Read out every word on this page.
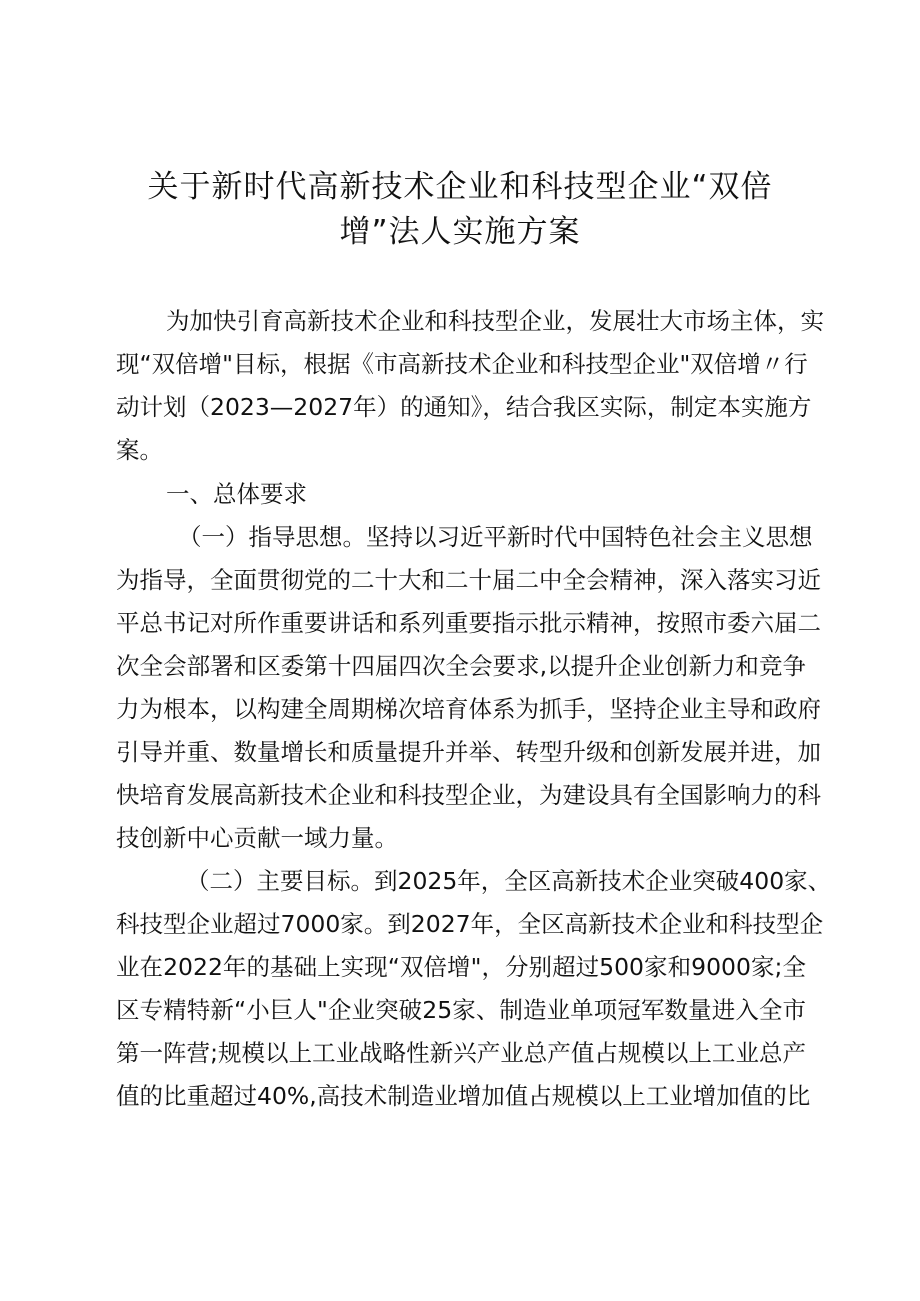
关于新时代高新技术企业和科技型企业“双倍
增”法人实施方案
为加快引育高新技术企业和科技型企业，发展壮大市场主体，实
现“双倍增"目标，根据《市高新技术企业和科技型企业"双倍增〃行
动计划（2023—2027年）的通知》，结合我区实际，制定本实施方
案。
一、总体要求
（一）指导思想。坚持以习近平新时代中国特色社会主义思想
为指导，全面贯彻党的二十大和二十届二中全会精神，深入落实习近
平总书记对所作重要讲话和系列重要指示批示精神，按照市委六届二
次全会部署和区委第十四届四次全会要求,以提升企业创新力和竞争
力为根本，以构建全周期梯次培育体系为抓手，坚持企业主导和政府
引导并重、数量增长和质量提升并举、转型升级和创新发展并进，加
快培育发展高新技术企业和科技型企业，为建设具有全国影响力的科
技创新中心贡献一域力量。
（二）主要目标。到2025年，全区高新技术企业突破400家、
科技型企业超过7000家。到2027年，全区高新技术企业和科技型企
业在2022年的基础上实现“双倍增"，分别超过500家和9000家;全
区专精特新“小巨人"企业突破25家、制造业单项冠军数量进入全市
第一阵营;规模以上工业战略性新兴产业总产值占规模以上工业总产
值的比重超过40%,高技术制造业增加值占规模以上工业增加值的比
